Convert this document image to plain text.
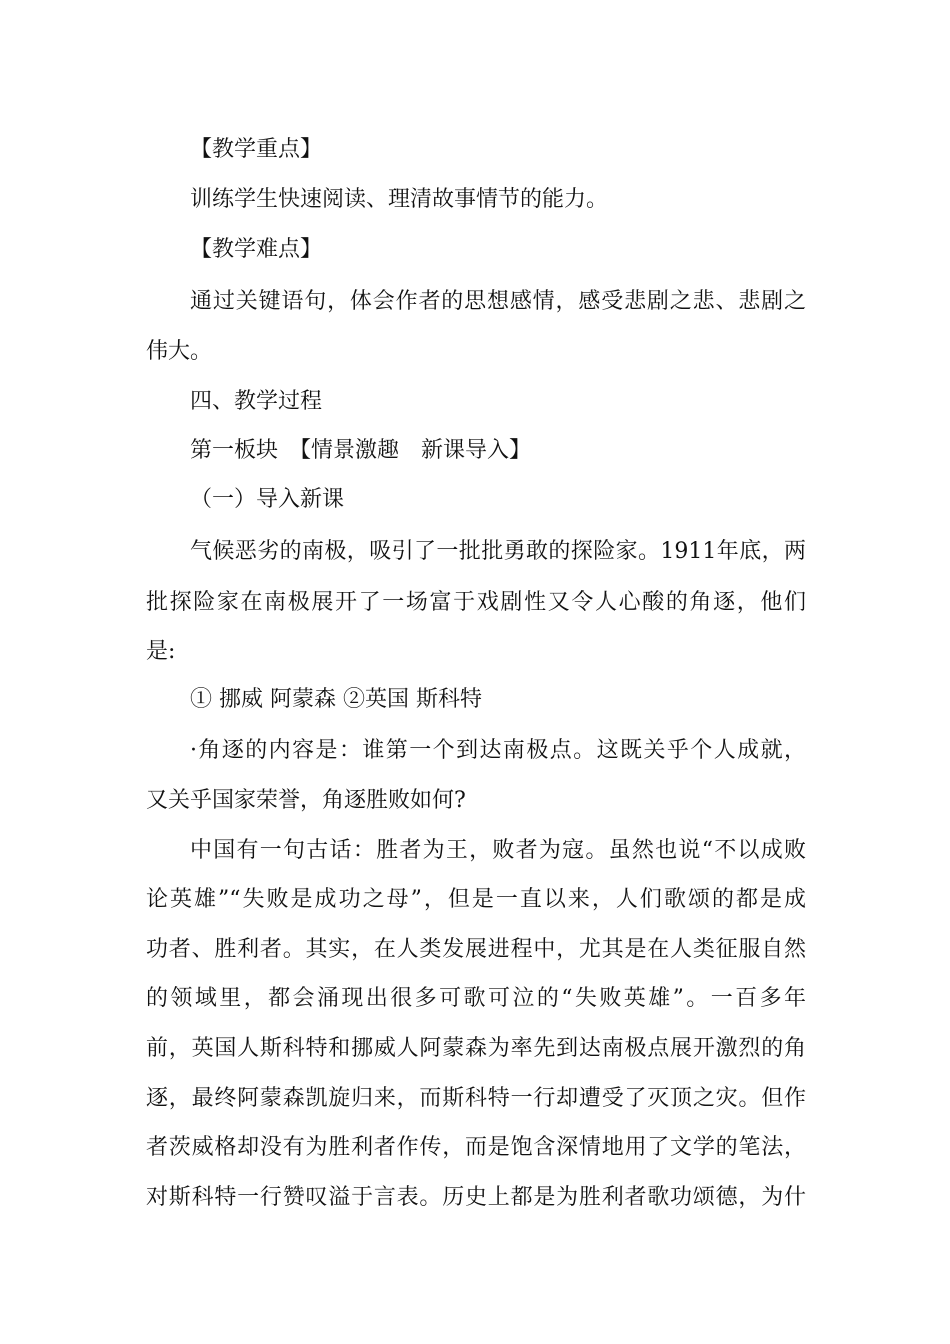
【教学重点】
训练学生快速阅读、理清故事情节的能力。
【教学难点】
通过关键语句，体会作者的思想感情，感受悲剧之悲、悲剧之
伟大。
四、教学过程
第一板块　【情景激趣　新课导入】
（一）导入新课
气候恶劣的南极，吸引了一批批勇敢的探险家。1911年底，两
批探险家在南极展开了一场富于戏剧性又令人心酸的角逐，他们
是:
① 挪威 阿蒙森 ②英国 斯科特
·角逐的内容是：谁第一个到达南极点。这既关乎个人成就，
又关乎国家荣誉，角逐胜败如何?
中国有一句古话：胜者为王，败者为寇。虽然也说“不以成败
论英雄”“失败是成功之母”，但是一直以来，人们歌颂的都是成
功者、胜利者。其实，在人类发展进程中，尤其是在人类征服自然
的领域里，都会涌现出很多可歌可泣的“失败英雄”。一百多年
前，英国人斯科特和挪威人阿蒙森为率先到达南极点展开激烈的角
逐，最终阿蒙森凯旋归来，而斯科特一行却遭受了灭顶之灾。但作
者茨威格却没有为胜利者作传，而是饱含深情地用了文学的笔法，
对斯科特一行赞叹溢于言表。历史上都是为胜利者歌功颂德，为什
